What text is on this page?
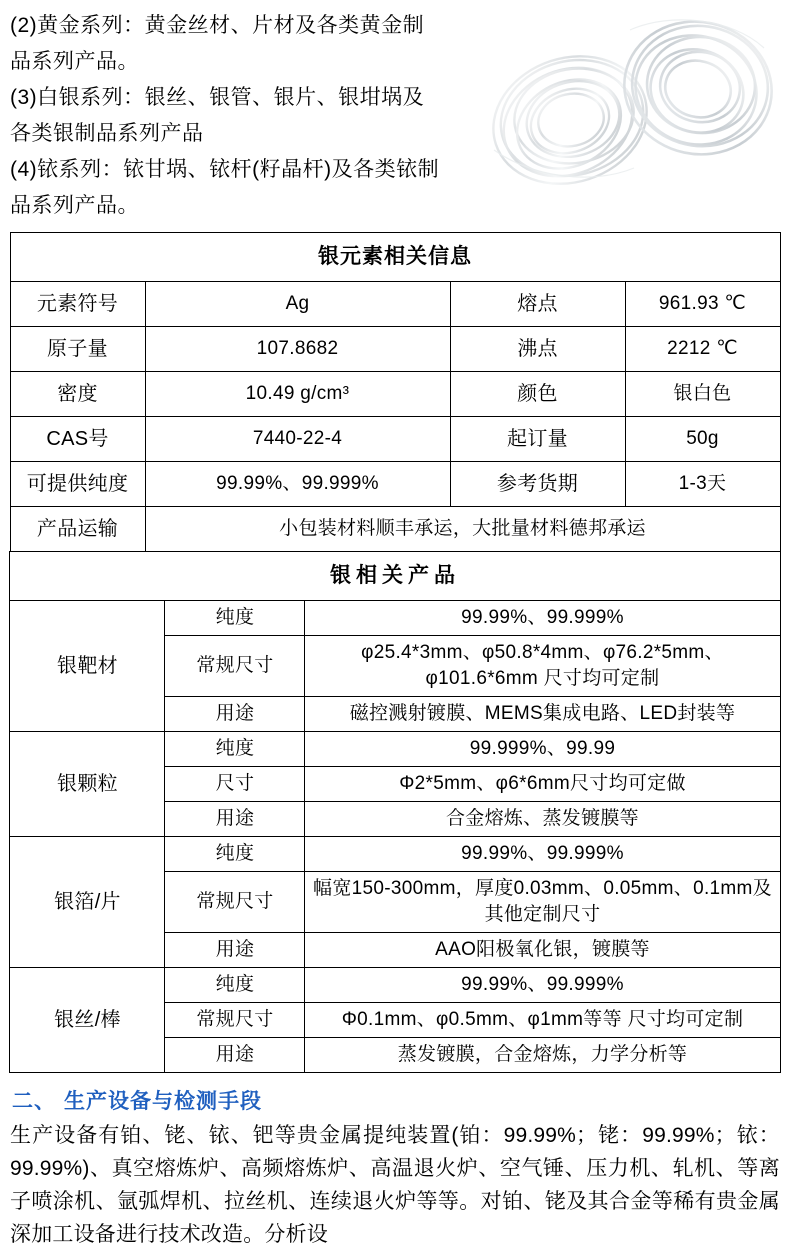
(2)黄金系列：黄金丝材、片材及各类黄金制品系列产品。

(3)白银系列：银丝、银管、银片、银坩埚及各类银制品系列产品

(4)铱系列：铱甘埚、铱杆(籽晶杆)及各类铱制品系列产品。

银元素相关信息			
元素符号	Ag	熔点	961.93 ℃
原子量	107.8682	沸点	2212 ℃
密度	10.49 g/cm³	颜色	银白色
CAS号	7440-22-4	起订量	50g
可提供纯度	99.99%、99.999%	参考货期	1-3天
产品运输	小包装材料顺丰承运，大批量材料德邦承运		
银相关产品		
银靶材	纯度	99.99%、99.999%
	常规尺寸	φ25.4*3mm、φ50.8*4mm、φ76.2*5mm、φ101.6*6mm 尺寸均可定制
	用途	磁控溅射镀膜、MEMS集成电路、LED封装等
银颗粒	纯度	99.999%、99.99
	尺寸	Φ2*5mm、φ6*6mm尺寸均可定做
	用途	合金熔炼、蒸发镀膜等
银箔/片	纯度	99.99%、99.999%
	常规尺寸	幅宽150-300mm，厚度0.03mm、0.05mm、0.1mm及其他定制尺寸
	用途	AAO阳极氧化银，镀膜等
银丝/棒	纯度	99.99%、99.999%
	常规尺寸	Φ0.1mm、φ0.5mm、φ1mm等等 尺寸均可定制
	用途	蒸发镀膜，合金熔炼，力学分析等
二、 生产设备与检测手段
生产设备有铂、铑、铱、钯等贵金属提纯装置(铂：99.99%；铑：99.99%；铱：99.99%)、真空熔炼炉、高频熔炼炉、高温退火炉、空气锤、压力机、轧机、等离子喷涂机、氩弧焊机、拉丝机、连续退火炉等等。对铂、铑及其合金等稀有贵金属深加工设备进行技术改造。分析设
